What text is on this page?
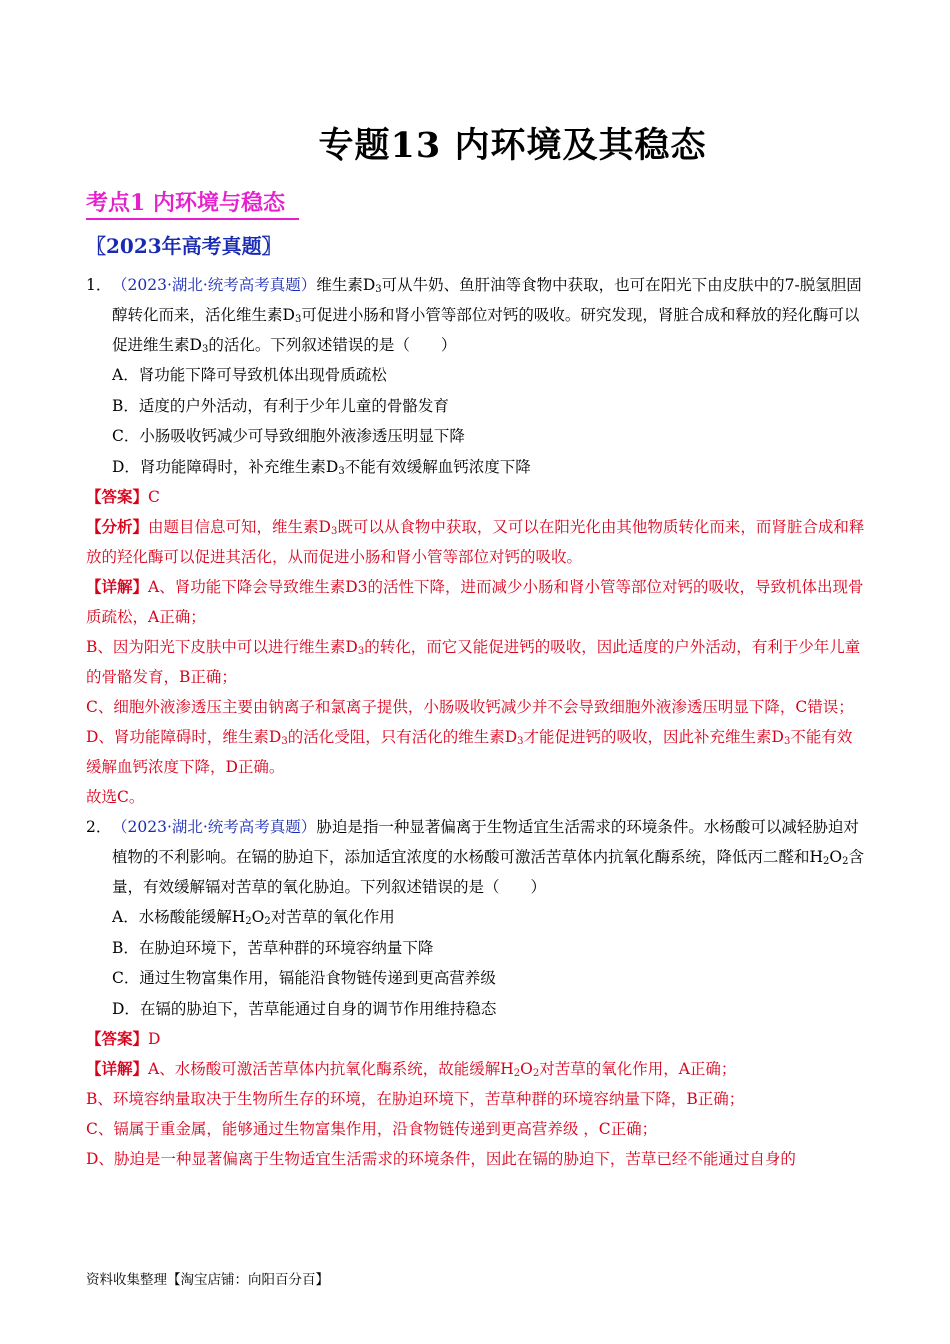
专题13 内环境及其稳态
考点1 内环境与稳态
〖2023年高考真题〗
1．（2023·湖北·统考高考真题）维生素$D_3$可从牛奶、鱼肝油等食物中获取，也可在阳光下由皮肤中的7-脱氢胆固醇转化而来，活化维生素$D_3$可促进小肠和肾小管等部位对钙的吸收。研究发现，肾脏合成和释放的羟化酶可以促进维生素$D_3$的活化。下列叙述错误的是（　　）
A．肾功能下降可导致机体出现骨质疏松
B．适度的户外活动，有利于少年儿童的骨骼发育
C．小肠吸收钙减少可导致细胞外液渗透压明显下降
D．肾功能障碍时，补充维生素$D_3$不能有效缓解血钙浓度下降
【答案】C
【分析】由题目信息可知，维生素$D_3$既可以从食物中获取，又可以在阳光化由其他物质转化而来，而肾脏合成和释放的羟化酶可以促进其活化，从而促进小肠和肾小管等部位对钙的吸收。
【详解】A、肾功能下降会导致维生素D3的活性下降，进而减少小肠和肾小管等部位对钙的吸收，导致机体出现骨质疏松，A正确；
B、因为阳光下皮肤中可以进行维生素$D_3$的转化，而它又能促进钙的吸收，因此适度的户外活动，有利于少年儿童的骨骼发育，B正确；
C、细胞外液渗透压主要由钠离子和氯离子提供，小肠吸收钙减少并不会导致细胞外液渗透压明显下降，C错误；
D、肾功能障碍时，维生素$D_3$的活化受阻，只有活化的维生素$D_3$才能促进钙的吸收，因此补充维生素$D_3$不能有效缓解血钙浓度下降，D正确。
故选C。
2．（2023·湖北·统考高考真题）胁迫是指一种显著偏离于生物适宜生活需求的环境条件。水杨酸可以减轻胁迫对植物的不利影响。在镉的胁迫下，添加适宜浓度的水杨酸可激活苦草体内抗氧化酶系统，降低丙二醛和$H_2O_2$含量，有效缓解镉对苦草的氧化胁迫。下列叙述错误的是（　　）
A．水杨酸能缓解$H_2O_2$对苦草的氧化作用
B．在胁迫环境下，苦草种群的环境容纳量下降
C．通过生物富集作用，镉能沿食物链传递到更高营养级
D．在镉的胁迫下，苦草能通过自身的调节作用维持稳态
【答案】D
【详解】A、水杨酸可激活苦草体内抗氧化酶系统，故能缓解$H_2O_2$对苦草的氧化作用，A正确；
B、环境容纳量取决于生物所生存的环境，在胁迫环境下，苦草种群的环境容纳量下降，B正确；
C、镉属于重金属，能够通过生物富集作用，沿食物链传递到更高营养级 ，C正确；
D、胁迫是一种显著偏离于生物适宜生活需求的环境条件，因此在镉的胁迫下，苦草已经不能通过自身的
资料收集整理【淘宝店铺：向阳百分百】
